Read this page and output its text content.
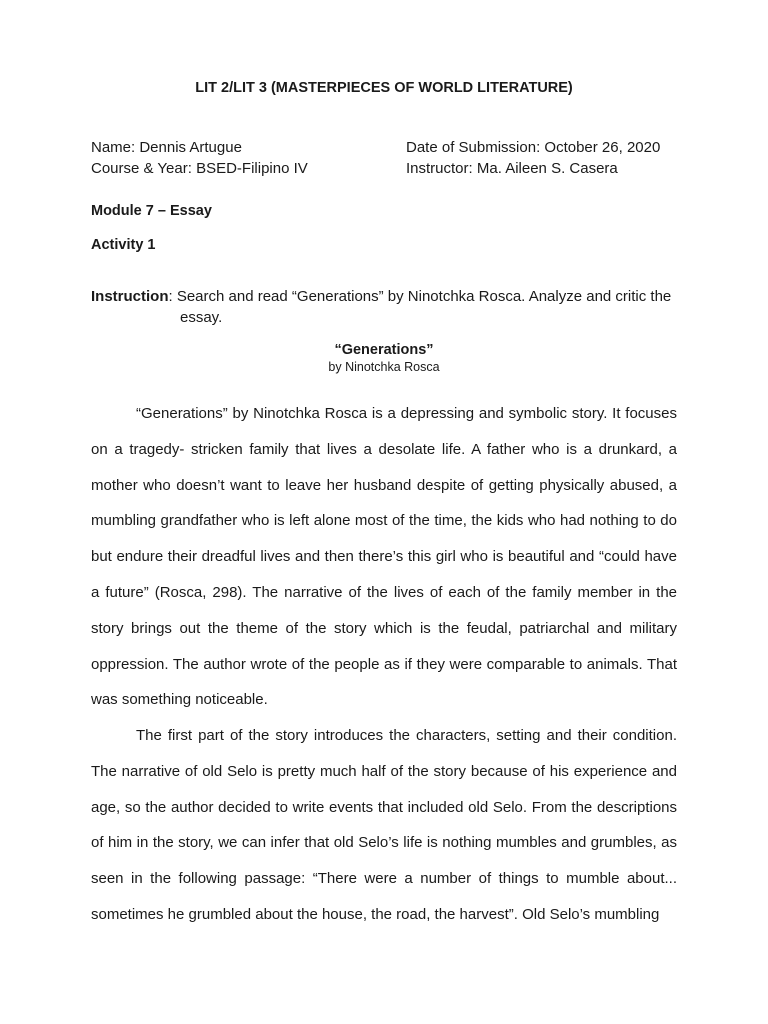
LIT 2/LIT 3 (MASTERPIECES OF WORLD LITERATURE)
Name: Dennis Artugue
Course & Year: BSED-Filipino IV
Date of Submission: October 26, 2020
Instructor: Ma. Aileen S. Casera
Module 7 – Essay
Activity 1
Instruction: Search and read “Generations” by Ninotchka Rosca. Analyze and critic the
essay.
“Generations”
by Ninotchka Rosca

“Generations” by Ninotchka Rosca is a depressing and symbolic story. It focuses on a tragedy- stricken family that lives a desolate life. A father who is a drunkard, a mother who doesn’t want to leave her husband despite of getting physically abused, a mumbling grandfather who is left alone most of the time, the kids who had nothing to do but endure their dreadful lives and then there’s this girl who is beautiful and “could have a future” (Rosca, 298). The narrative of the lives of each of the family member in the story brings out the theme of the story which is the feudal, patriarchal and military oppression. The author wrote of the people as if they were comparable to animals. That was something noticeable.

The first part of the story introduces the characters, setting and their condition. The narrative of old Selo is pretty much half of the story because of his experience and age, so the author decided to write events that included old Selo. From the descriptions of him in the story, we can infer that old Selo’s life is nothing mumbles and grumbles, as seen in the following passage: “There were a number of things to mumble about... sometimes he grumbled about the house, the road, the harvest”. Old Selo’s mumbling
